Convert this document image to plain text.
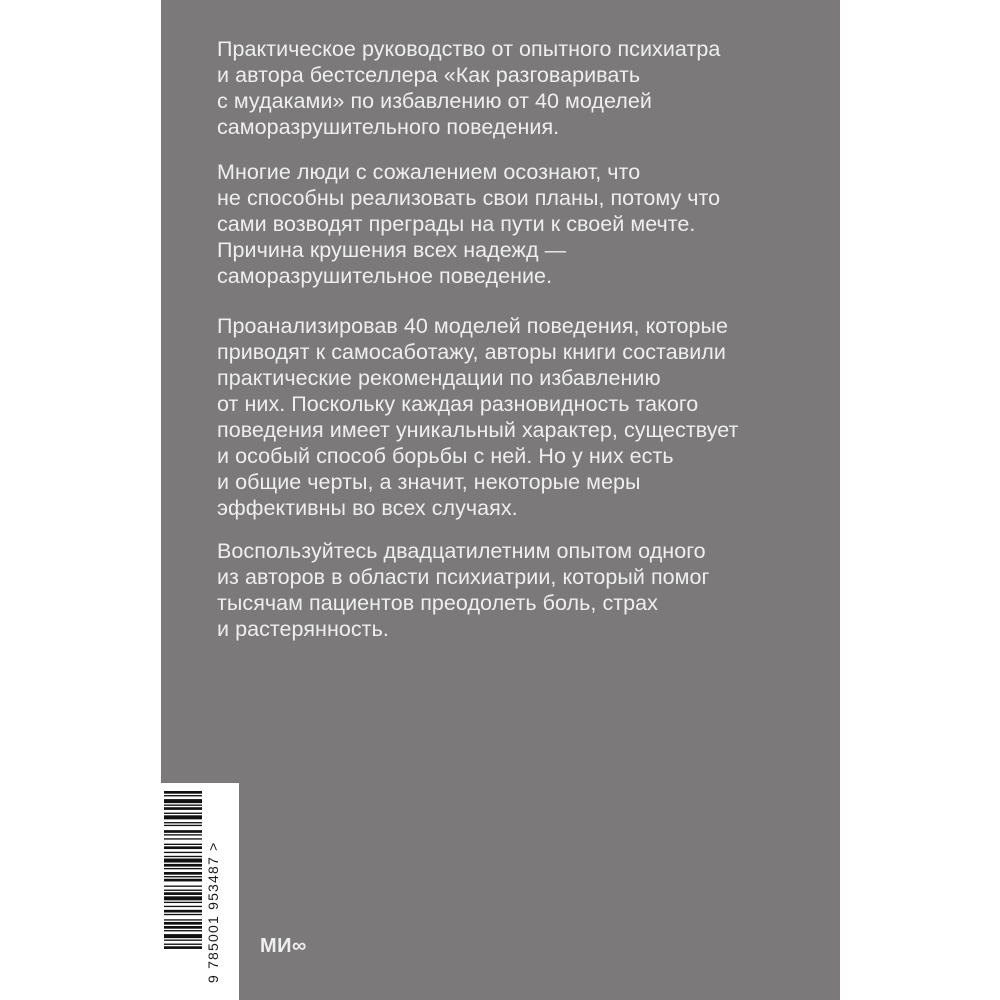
Практическое руководство от опытного психиатра
и автора бестселлера «Как разговаривать
с мудаками» по избавлению от 40 моделей
саморазрушительного поведения.
Многие люди с сожалением осознают, что
не способны реализовать свои планы, потому что
сами возводят преграды на пути к своей мечте.
Причина крушения всех надежд —
саморазрушительное поведение.
Проанализировав 40 моделей поведения, которые
приводят к самосаботажу, авторы книги составили
практические рекомендации по избавлению
от них. Поскольку каждая разновидность такого
поведения имеет уникальный характер, существует
и особый способ борьбы с ней. Но у них есть
и общие черты, а значит, некоторые меры
эффективны во всех случаях.
Воспользуйтесь двадцатилетним опытом одного
из авторов в области психиатрии, который помог
тысячам пациентов преодолеть боль, страх
и растерянность.
9 785001 953487 >	МИ∞
